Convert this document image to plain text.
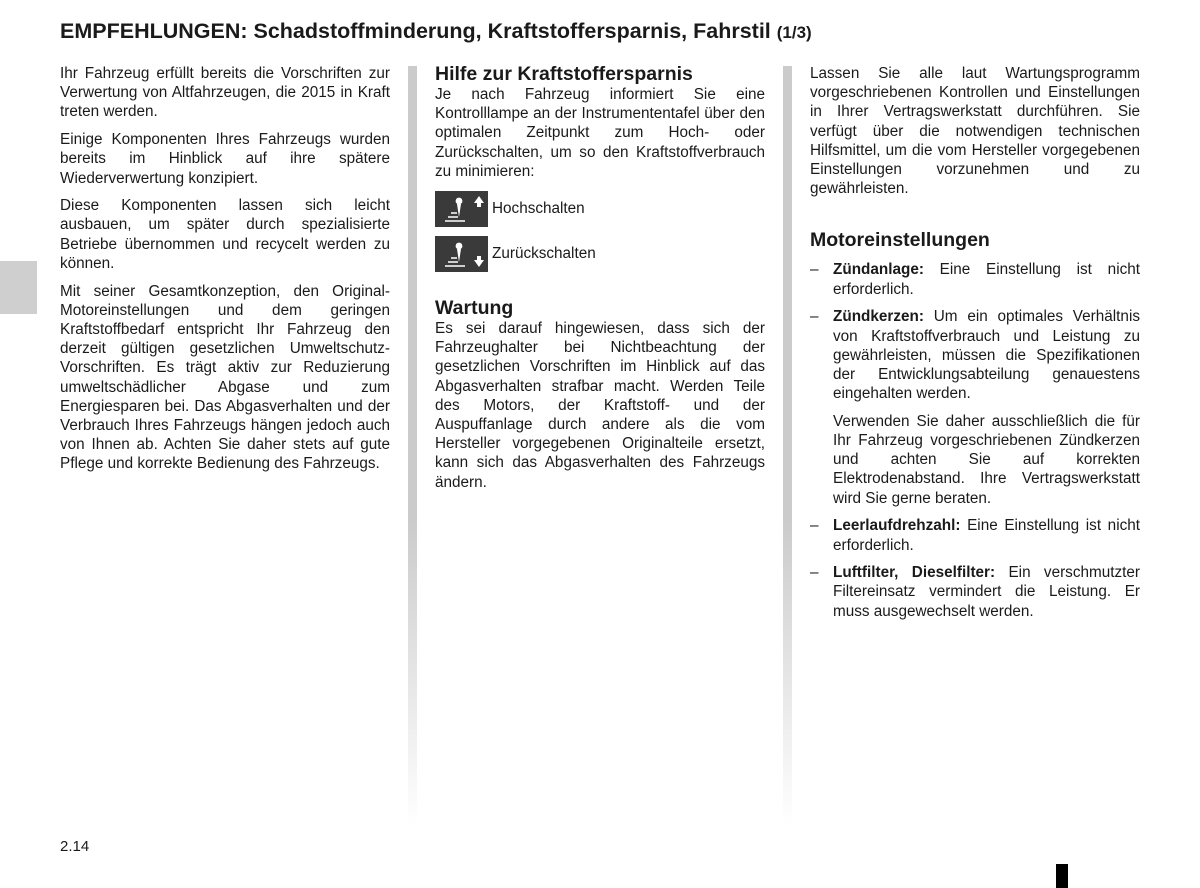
EMPFEHLUNGEN: Schadstoffminderung, Kraftstoffersparnis, Fahrstil (1/3)

Ihr Fahrzeug erfüllt bereits die Vorschriften zur Verwertung von Altfahrzeugen, die 2015 in Kraft treten werden.

Einige Komponenten Ihres Fahrzeugs wurden bereits im Hinblick auf ihre spätere Wiederverwertung konzipiert.

Diese Komponenten lassen sich leicht ausbauen, um später durch spezialisierte Betriebe übernommen und recycelt werden zu können.

Mit seiner Gesamtkonzeption, den Original-Motoreinstellungen und dem geringen Kraftstoffbedarf entspricht Ihr Fahrzeug den derzeit gültigen gesetzlichen Umweltschutz-Vorschriften. Es trägt aktiv zur Reduzierung umweltschädlicher Abgase und zum Energiesparen bei. Das Abgasverhalten und der Verbrauch Ihres Fahrzeugs hängen jedoch auch von Ihnen ab. Achten Sie daher stets auf gute Pflege und korrekte Bedienung des Fahrzeugs.

Hilfe zur Kraftstoffersparnis

Je nach Fahrzeug informiert Sie eine Kontrolllampe an der Instrumententafel über den optimalen Zeitpunkt zum Hoch- oder Zurückschalten, um so den Kraftstoffverbrauch zu minimieren:

Hochschalten
Zurückschalten
Wartung

Es sei darauf hingewiesen, dass sich der Fahrzeughalter bei Nichtbeachtung der gesetzlichen Vorschriften im Hinblick auf das Abgasverhalten strafbar macht. Werden Teile des Motors, der Kraftstoff- und der Auspuffanlage durch andere als die vom Hersteller vorgegebenen Originalteile ersetzt, kann sich das Abgasverhalten des Fahrzeugs ändern.

Lassen Sie alle laut Wartungsprogramm vorgeschriebenen Kontrollen und Einstellungen in Ihrer Vertragswerkstatt durchführen. Sie verfügt über die notwendigen technischen Hilfsmittel, um die vom Hersteller vorgegebenen Einstellungen vorzunehmen und zu gewährleisten.

Motoreinstellungen
– Zündanlage: Eine Einstellung ist nicht erforderlich.

– Zündkerzen: Um ein optimales Verhältnis von Kraftstoffverbrauch und Leistung zu gewährleisten, müssen die Spezifikationen der Entwicklungsabteilung genauestens eingehalten werden.

Verwenden Sie daher ausschließlich die für Ihr Fahrzeug vorgeschriebenen Zündkerzen und achten Sie auf korrekten Elektrodenabstand. Ihre Vertragswerkstatt wird Sie gerne beraten.

– Leerlaufdrehzahl: Eine Einstellung ist nicht erforderlich.

– Luftfilter, Dieselfilter: Ein verschmutzter Filtereinsatz vermindert die Leistung. Er muss ausgewechselt werden.

2.14
